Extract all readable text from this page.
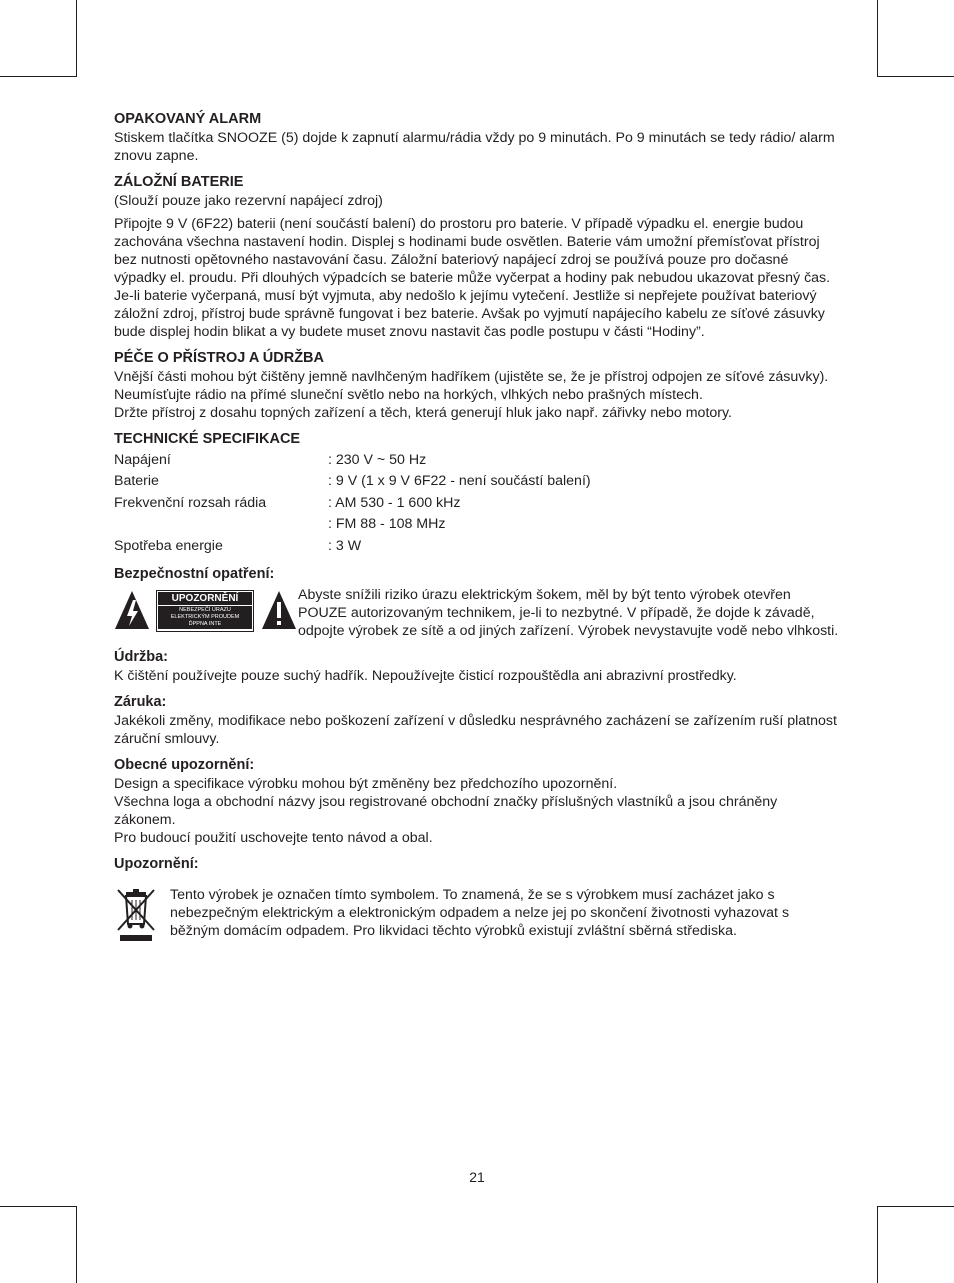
OPAKOVANÝ ALARM

Stiskem tlačítka SNOOZE (5) dojde k zapnutí alarmu/rádia vždy po 9 minutách. Po 9 minutách se tedy rádio/ alarm znovu zapne.

ZÁLOŽNÍ BATERIE

(Slouží pouze jako rezervní napájecí zdroj)

Připojte 9 V (6F22) baterii (není součástí balení) do prostoru pro baterie. V případě výpadku el. energie budou zachována všechna nastavení hodin. Displej s hodinami bude osvětlen. Baterie vám umožní přemísťovat přístroj bez nutnosti opětovného nastavování času. Záložní bateriový napájecí zdroj se používá pouze pro dočasné výpadky el. proudu. Při dlouhých výpadcích se baterie může vyčerpat a hodiny pak nebudou ukazovat přesný čas. Je-li baterie vyčerpaná, musí být vyjmuta, aby nedošlo k jejímu vytečení. Jestliže si nepřejete používat bateriový záložní zdroj, přístroj bude správně fungovat i bez baterie. Avšak po vyjmutí napájecího kabelu ze síťové zásuvky bude displej hodin blikat a vy budete muset znovu nastavit čas podle postupu v části “Hodiny”.

PÉČE O PŘÍSTROJ A ÚDRŽBA

Vnější části mohou být čištěny jemně navlhčeným hadříkem (ujistěte se, že je přístroj odpojen ze síťové zásuvky).

Neumísťujte rádio na přímé sluneční světlo nebo na horkých, vlhkých nebo prašných místech.

Držte přístroj z dosahu topných zařízení a těch, která generují hluk jako např. zářivky nebo motory.

TECHNICKÉ SPECIFIKACE
Napájení	: 230 V ~ 50 Hz
Baterie	: 9 V (1 x 9 V 6F22 - není součástí balení)
Frekvenční rozsah rádia	: AM 530 - 1 600 kHz
: FM 88 - 108 MHz
Spotřeba energie	: 3 W
Bezpečnostní opatření:
UPOZORNĚNÍ
NEBEZPEČÍ ÚRAZU
ELEKTRICKÝM PROUDEM
ĎPPNA INTE

Abyste snížili riziko úrazu elektrickým šokem, měl by být tento výrobek otevřen POUZE autorizovaným technikem, je-li to nezbytné. V případě, že dojde k závadě, odpojte výrobek ze sítě a od jiných zařízení. Výrobek nevystavujte vodě nebo vlhkosti.

Údržba:

K čištění používejte pouze suchý hadřík. Nepoužívejte čisticí rozpouštědla ani abrazivní prostředky.

Záruka:

Jakékoli změny, modifikace nebo poškození zařízení v důsledku nesprávného zacházení se zařízením ruší platnost záruční smlouvy.

Obecné upozornění:

Design a specifikace výrobku mohou být změněny bez předchozího upozornění.

Všechna loga a obchodní názvy jsou registrované obchodní značky příslušných vlastníků a jsou chráněny zákonem.

Pro budoucí použití uschovejte tento návod a obal.

Upozornění:

Tento výrobek je označen tímto symbolem. To znamená, že se s výrobkem musí zacházet jako s nebezpečným elektrickým a elektronickým odpadem a nelze jej po skončení životnosti vyhazovat s běžným domácím odpadem. Pro likvidaci těchto výrobků existují zvláštní sběrná střediska.

21
